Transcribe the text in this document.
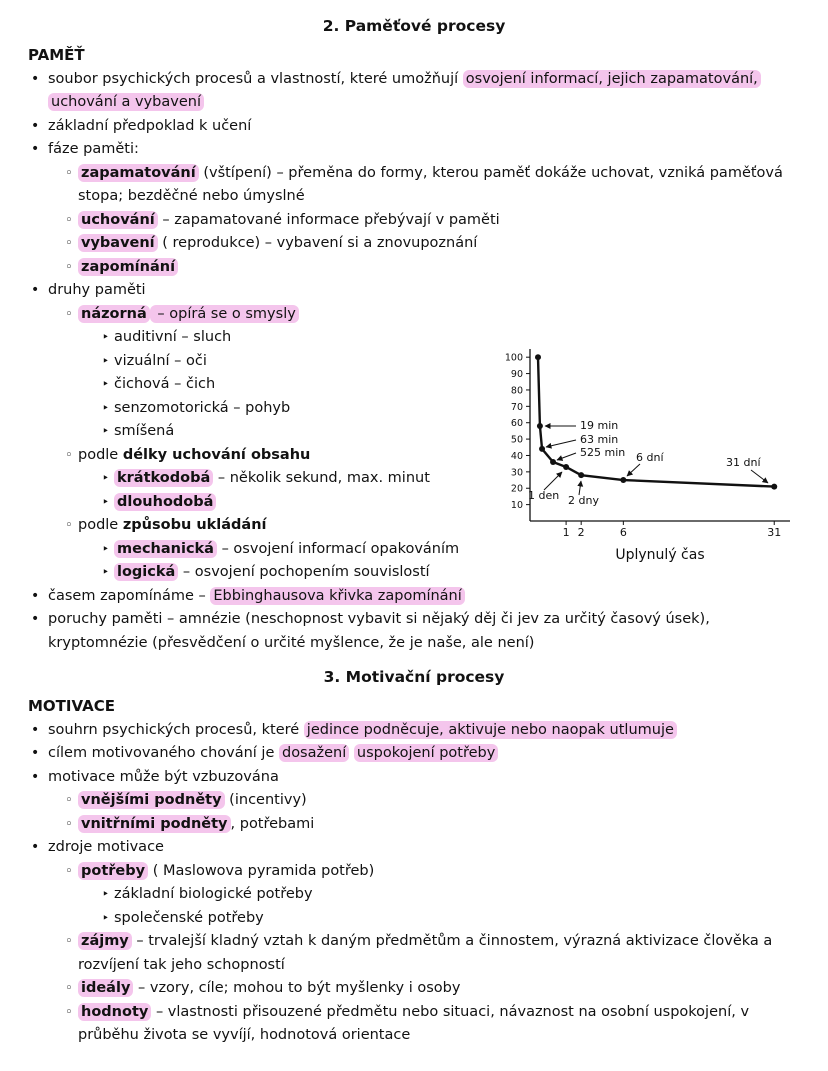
2. Paměťové procesy
PAMĚŤ
• soubor psychických procesů a vlastností, které umožňují osvojení informací, jejich zapamatování, uchování a vybavení
• základní předpoklad k učení
• fáze paměti:
◦ zapamatování (vštípení) – přeměna do formy, kterou paměť dokáže uchovat, vzniká paměťová stopa; bezděčné nebo úmyslné
◦ uchování – zapamatované informace přebývají v paměti
◦ vybavení ( reprodukce) – vybavení si a znovupoznání
◦ zapomínání
• druhy paměti
◦ názorná – opírá se o smysly
‣ auditivní – sluch
‣ vizuální – oči
‣ čichová – čich
‣ senzomotorická – pohyb
‣ smíšená
◦ podle délky uchování obsahu
‣ krátkodobá – několik sekund, max. minut
‣ dlouhodobá
◦ podle způsobu ukládání
‣ mechanická – osvojení informací opakováním
‣ logická – osvojení pochopením souvislostí
• časem zapomínáme – Ebbinghausova křivka zapomínání
• poruchy paměti – amnézie (neschopnost vybavit si nějaký děj či jev za určitý časový úsek), kryptomnézie (přesvědčení o určité myšlence, že je naše, ale není)
3. Motivační procesy
MOTIVACE
• souhrn psychických procesů, které jedince podněcuje, aktivuje nebo naopak utlumuje
• cílem motivovaného chování je dosažení uspokojení potřeby
• motivace může být vzbuzována
◦ vnějšími podněty (incentivy)
◦ vnitřními podněty , potřebami
• zdroje motivace
◦ potřeby ( Maslowova pyramida potřeb)
‣ základní biologické potřeby
‣ společenské potřeby
◦ zájmy – trvalejší kladný vztah k daným předmětům a činnostem, výrazná aktivizace člověka a rozvíjení tak jeho schopností
◦ ideály – vzory, cíle; mohou to být myšlenky i osoby
◦ hodnoty – vlastnosti přisouzené předmětu nebo situaci, návaznost na osobní uspokojení, v průběhu života se vyvíjí, hodnotová orientace
10
20
30
40
50
60
70
80
90
100
1 2	6	31
19 min
63 min
525 min
1 den 2 dny
6 dní	31 dní
Uplynulý čas
